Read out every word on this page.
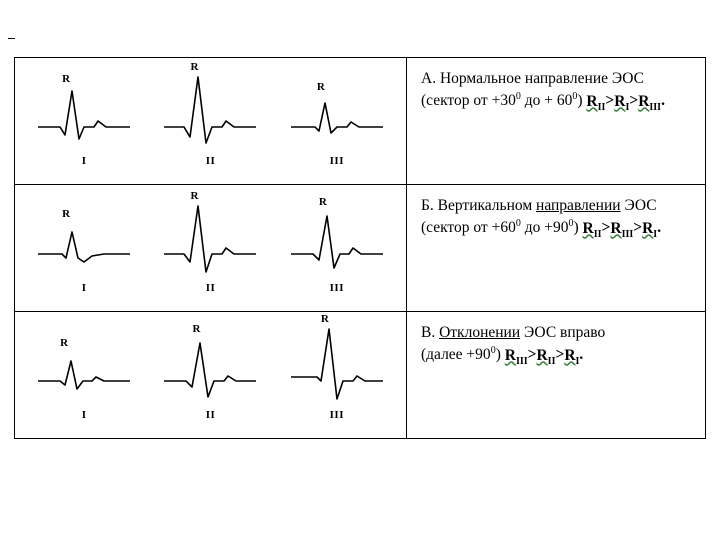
R
I
R
II
R
III
А. Нормальное направление ЭОС
(сектор от $+30^0$ до + $60^0$) $R_{II}>R_I>R_{III}$.
R
I
R
II
R
III
Б. Вертикальном направлении ЭОС
(сектор от $+60^0$ до $+90^0$) $R_{II}>R_{III}>R_I$.
R
I
R
II
R
III
В. Отклонении ЭОС вправо
(далее $+90^0$) $R_{III}>R_{II}>R_I$.
